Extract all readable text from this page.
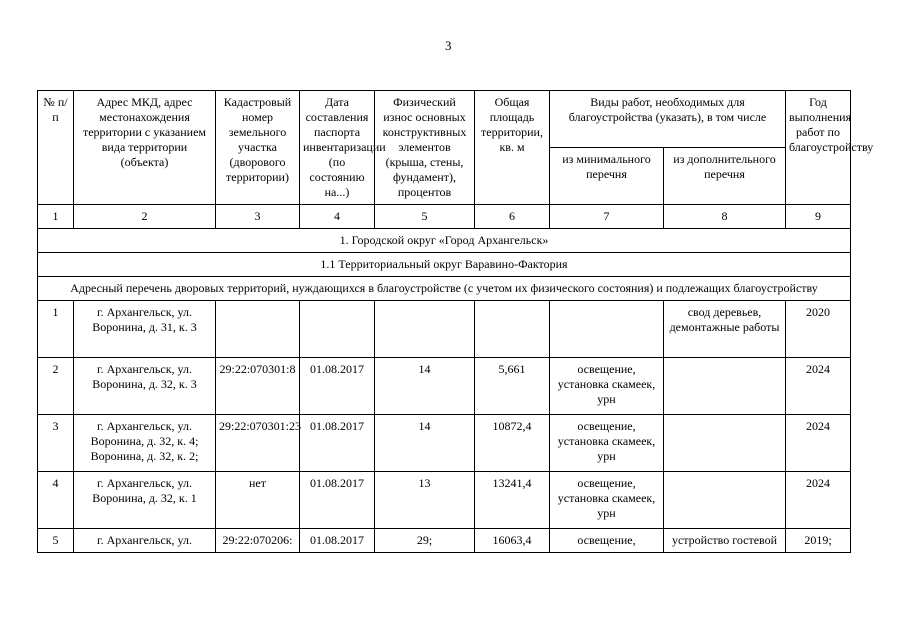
3
№ п/п	Адрес МКД, адрес местонахождения территории с указанием вида территории (объекта)	Кадастровый номер земельного участка (дворового территории)	Дата составления паспорта инвентаризации (по состоянию на...)	Физический износ основных конструктивных элементов (крыша, стены, фундамент), процентов	Общая площадь территории, кв. м	Виды работ, необходимых для благоустройства (указать), в том числе		Год выполнения работ по благоустройству
						из минимального перечня	из дополнительного перечня	
1	2	3	4	5	6	7	8	9
1. Городской округ «Город Архангельск»								
1.1 Территориальный округ Варавино-Фактория								
Адресный перечень дворовых территорий, нуждающихся в благоустройстве (с учетом их физического состояния) и подлежащих благоустройству								
1	г. Архангельск, ул. Воронина, д. 31, к. 3						свод деревьев, демонтажные работы	2020
2	г. Архангельск, ул. Воронина, д. 32, к. 3	29:22:070301:8	01.08.2017	14	5,661	освещение, установка скамеек, урн		2024
3	г. Архангельск, ул. Воронина, д. 32, к. 4; Воронина, д. 32, к. 2;	29:22:070301:23	01.08.2017	14	10872,4	освещение, установка скамеек, урн		2024
4	г. Архангельск, ул. Воронина, д. 32, к. 1	нет	01.08.2017	13	13241,4	освещение, установка скамеек, урн		2024
5	г. Архангельск, ул.	29:22:070206:	01.08.2017	29;	16063,4	освещение,	устройство гостевой	2019;
